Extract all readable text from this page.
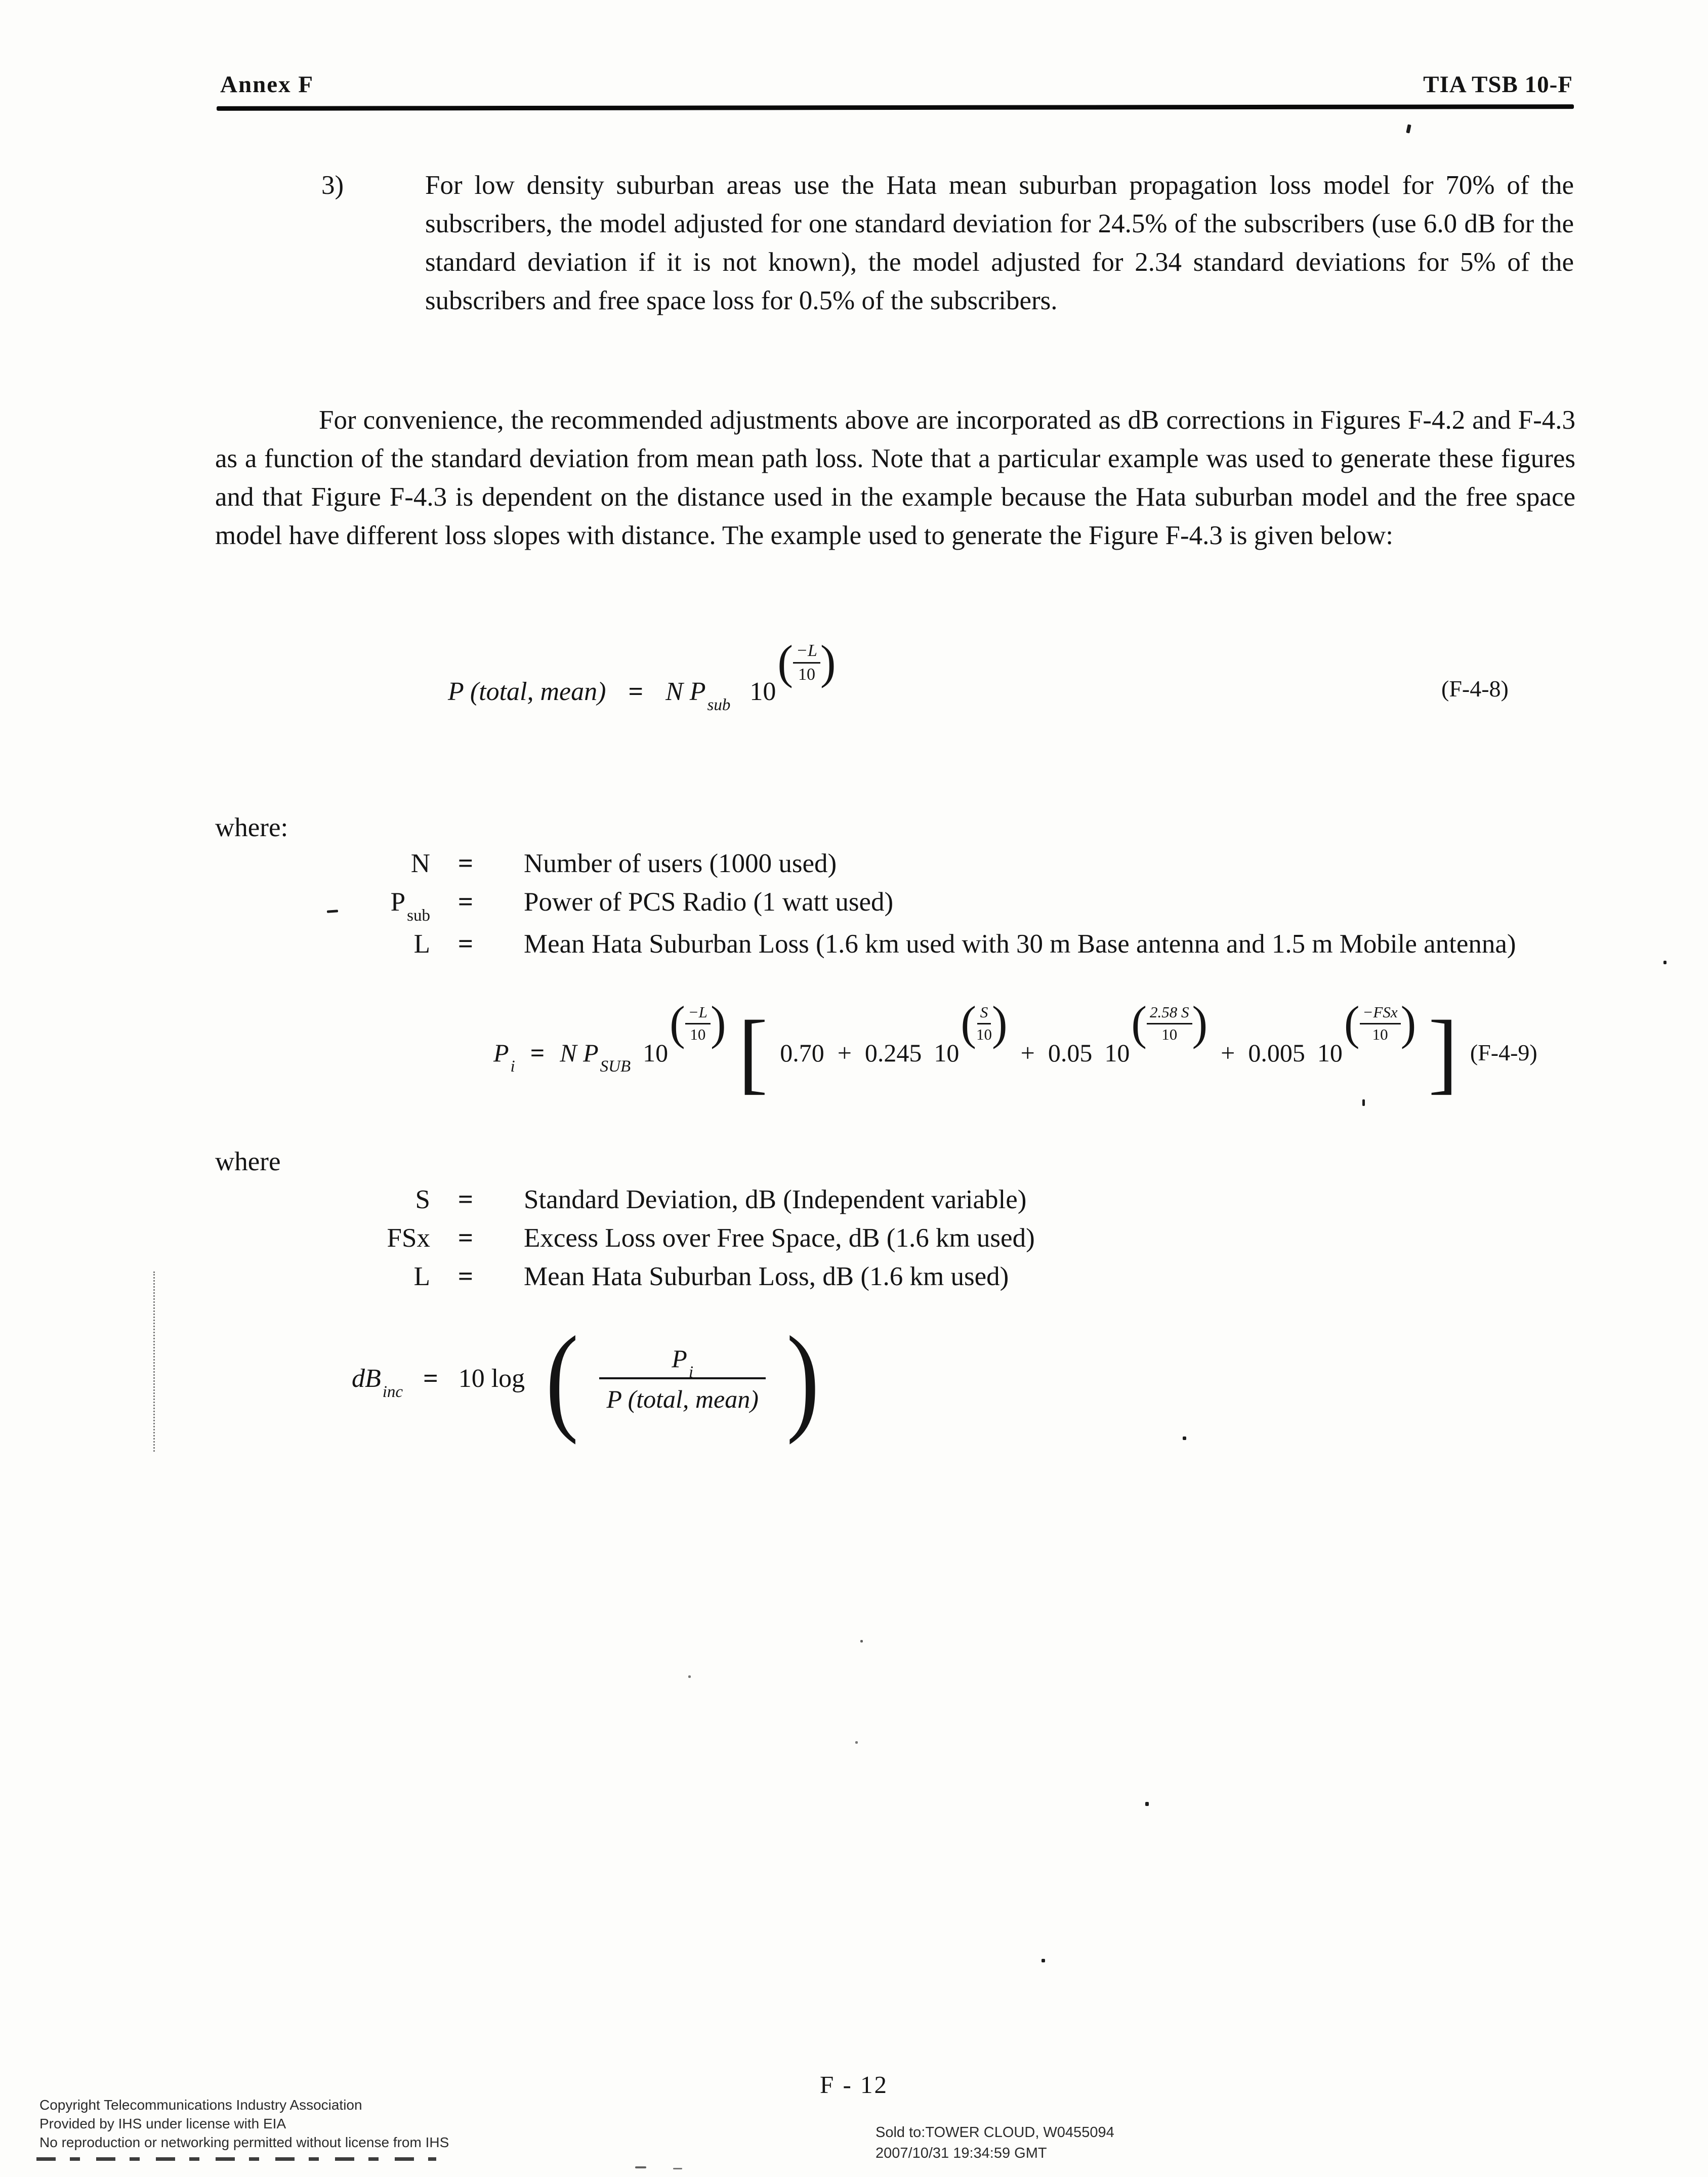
Annex F	TIA TSB 10-F
3)	For low density suburban areas use the Hata mean suburban propagation loss model for 70% of the subscribers, the model adjusted for one standard deviation for 24.5% of the subscribers (use 6.0 dB for the standard deviation if it is not known), the model adjusted for 2.34 standard deviations for 5% of the subscribers and free space loss for 0.5% of the subscribers.
For convenience, the recommended adjustments above are incorporated as dB corrections in Figures F-4.2 and F-4.3 as a function of the standard deviation from mean path loss. Note that a particular example was used to generate these figures and that Figure F-4.3 is dependent on the distance used in the example because the Hata suburban model and the free space model have different loss slopes with distance. The example used to generate the Figure F-4.3 is given below:
P (total, mean) = N $P_{sub}$ 10
( $\frac{-L}{10}$ )
(F-4-8)
where:
N	=	Number of users (1000 used)
$P_{sub}$	=	Power of PCS Radio (1 watt used)
L	=	Mean Hata Suburban Loss (1.6 km used with 30 m Base antenna and 1.5 m Mobile antenna)
$P_i = N$ $P_{SUB}$ 10
( $\frac{-L}{10}$ ) [ 0.70 + 0.245 10
( $\frac{S}{10}$ )
+ 0.05 10
( $\frac{2.58 S}{10}$ )
+ 0.005 10
( −FSx
10 ) ] (F-4-9)
where
S	=	Standard Deviation, dB (Independent variable)
FSx	=	Excess Loss over Free Space, dB (1.6 km used)
L	=	Mean Hata Suburban Loss, dB (1.6 km used)
$dB_{inc} = 10$ log (	$P_i$
P (total, mean) )
F - 12
Copyright Telecommunications Industry Association
Provided by IHS under license with EIA
No reproduction or networking permitted without license from IHS
Sold to:TOWER CLOUD, W0455094
2007/10/31 19:34:59 GMT
